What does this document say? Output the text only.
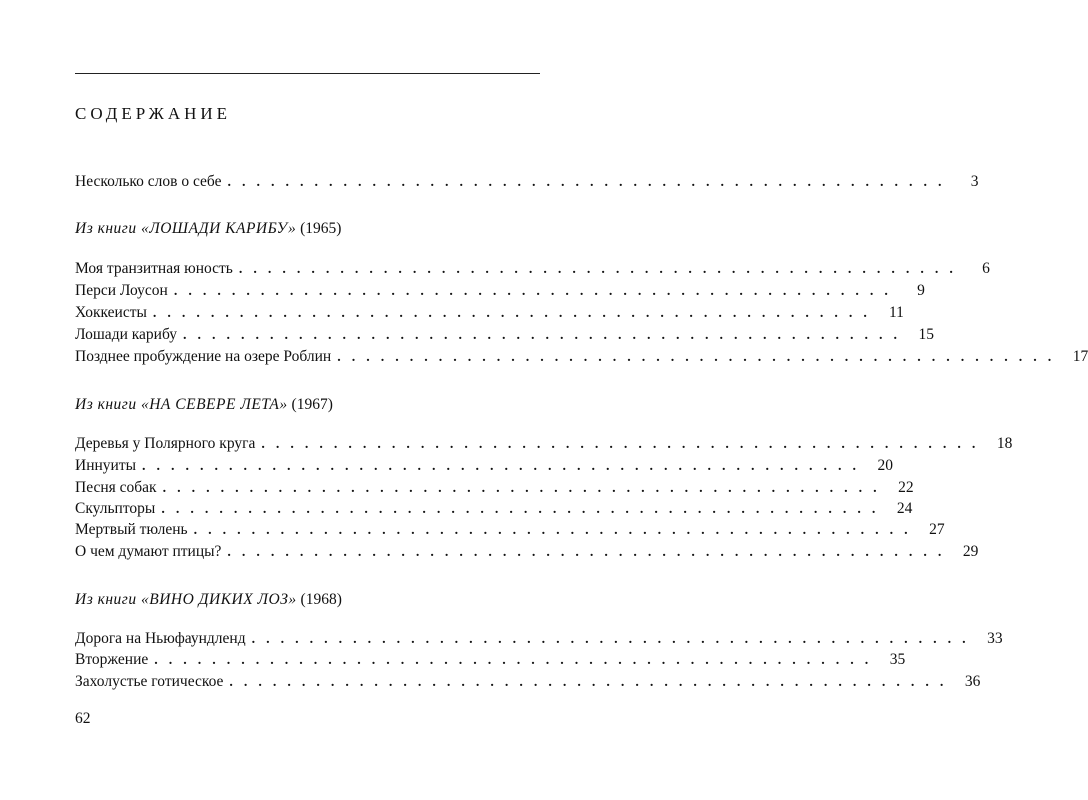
СОДЕРЖАНИЕ
Несколько слов о себе ..................................................	3
Из книги «ЛОШАДИ КАРИБУ» (1965)
Моя транзитная юность ..................................................	6
Перси Лоусон ..................................................	9
Хоккеисты .................................................. 11
Лошади карибу .................................................. 15
Позднее пробуждение на озере Роблин .................................................. 17
Из книги «НА СЕВЕРЕ ЛЕТА» (1967)
Деревья у Полярного круга .................................................. 18
Иннуиты .................................................. 20
Песня собак .................................................. 22
Скульпторы .................................................. 24
Мертвый тюлень .................................................. 27
О чем думают птицы? .................................................. 29
Из книги «ВИНО ДИКИХ ЛОЗ» (1968)
Дорога на Ньюфаундленд .................................................. 33
Вторжение .................................................. 35
Захолустье готическое .................................................. 36
62
